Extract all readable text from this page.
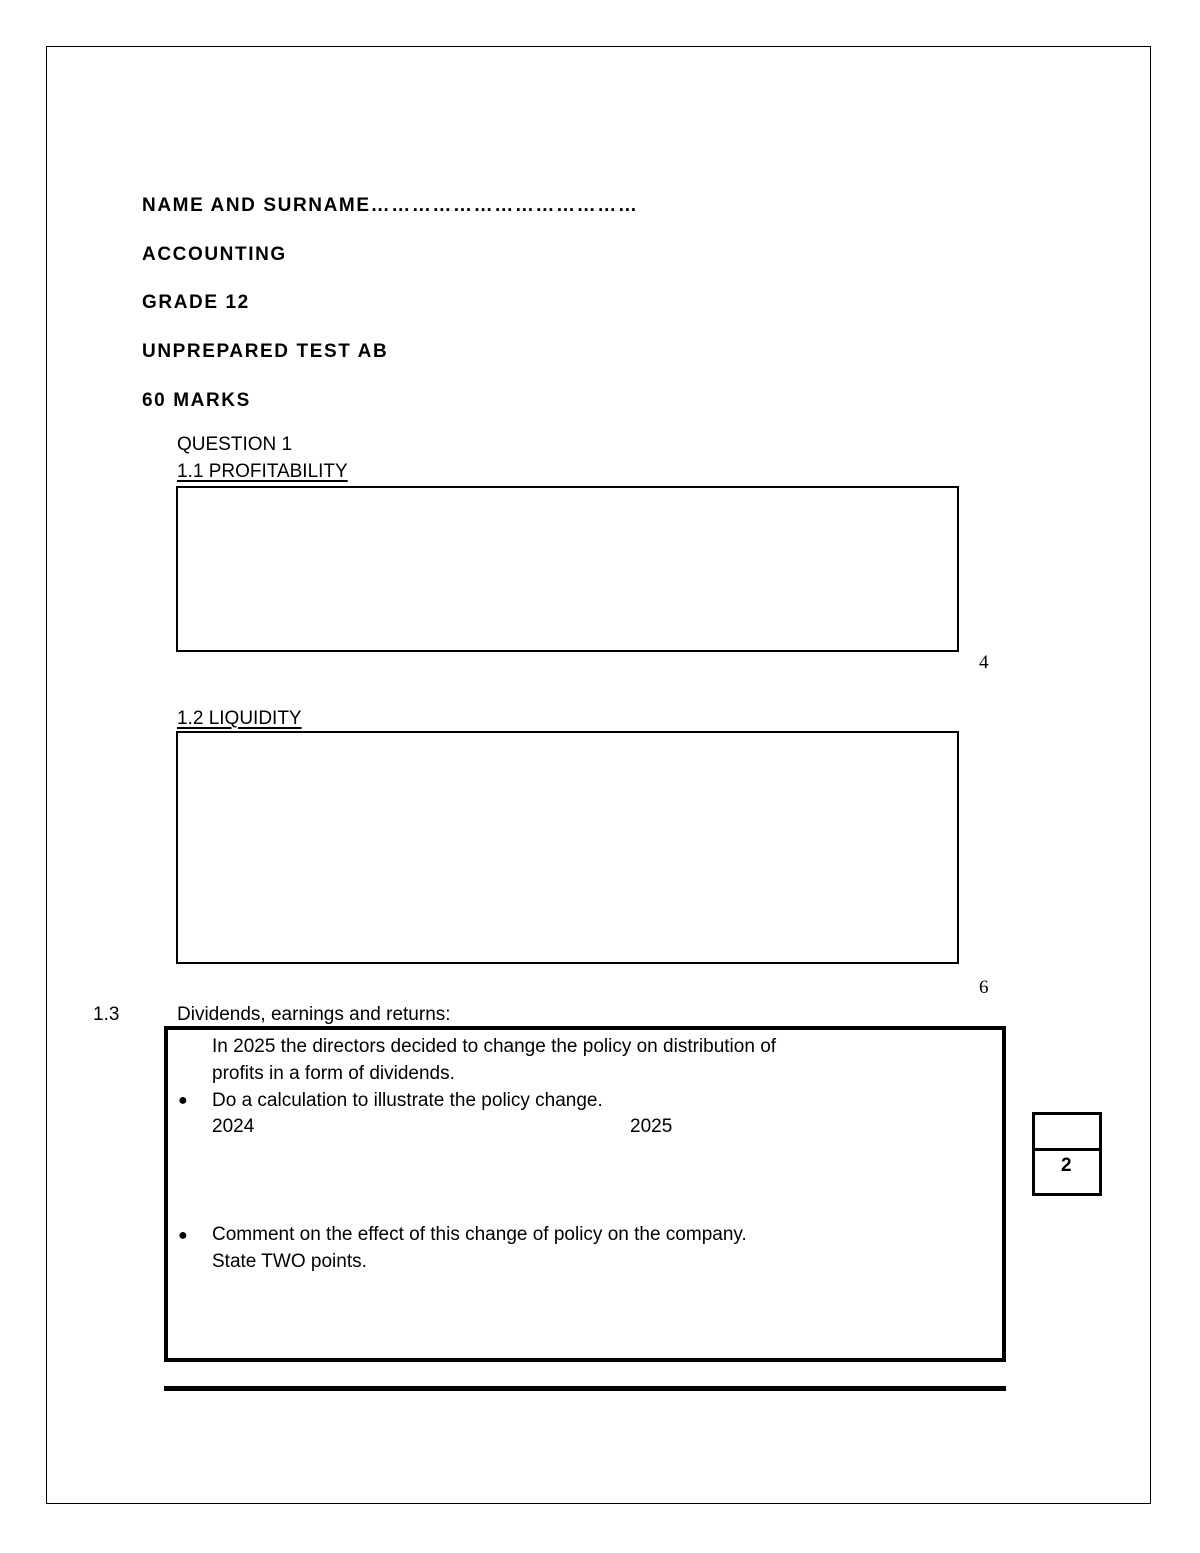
NAME AND SURNAME…………………………………
ACCOUNTING
GRADE 12
UNPREPARED TEST AB
60 MARKS
QUESTION 1
1.1 PROFITABILITY
4
1.2 LIQUIDITY
6
1.3	Dividends, earnings and returns:
In 2025 the directors decided to change the policy on distribution of
profits in a form of dividends.
● Do a calculation to illustrate the policy change.
2024	2025
● Comment on the effect of this change of policy on the company.
State TWO points.
2
